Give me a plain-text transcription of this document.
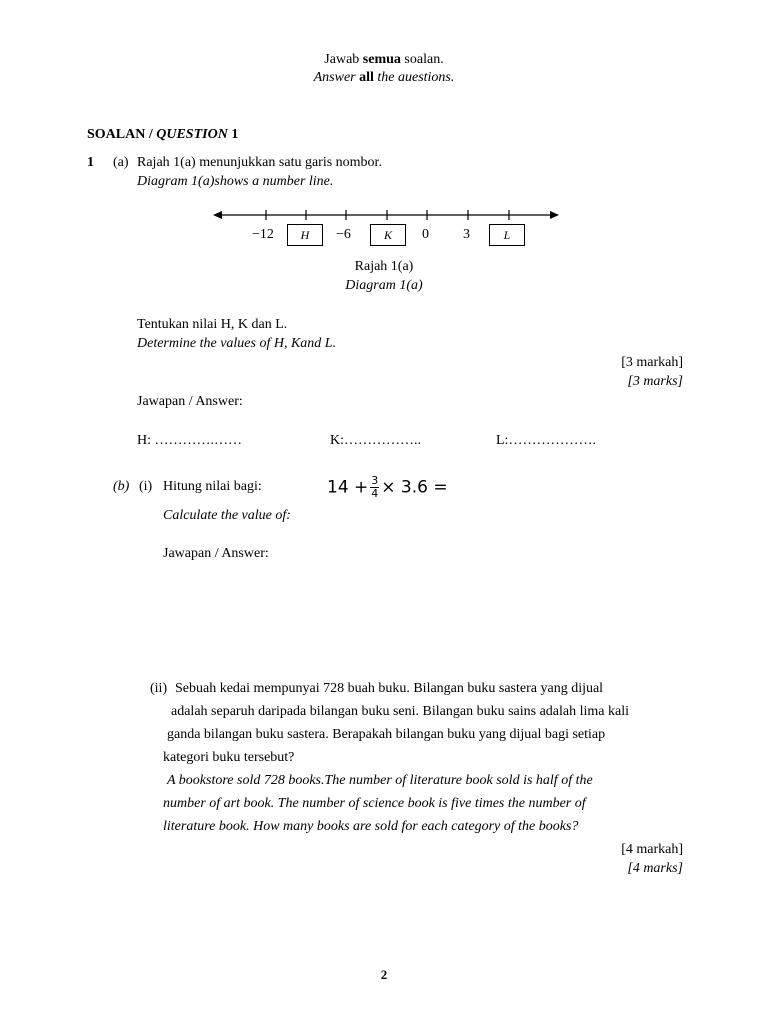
Jawab semua soalan.
Answer all the auestions.
SOALAN / QUESTION 1
1 (a) Rajah 1(a) menunjukkan satu garis nombor.
Diagram 1(a)shows a number line.
−12	H	−6	K	0 3	L
Rajah 1(a)
Diagram 1(a)
Tentukan nilai H, K dan L.
Determine the values of H, Kand L.
[3 markah]
[3 marks]
Jawapan / Answer:
H: ………….……	K:……………..	L:……………….
(b) (i) Hitung nilai bagi:	$14 + \frac{3}{4} \times 3.6$ =
Calculate the value of:
Jawapan / Answer:
(ii) Sebuah kedai mempunyai 728 buah buku. Bilangan buku sastera yang dijual
adalah separuh daripada bilangan buku seni. Bilangan buku sains adalah lima kali
ganda bilangan buku sastera. Berapakah bilangan buku yang dijual bagi setiap
kategori buku tersebut?
A bookstore sold 728 books.The number of literature book sold is half of the
number of art book. The number of science book is five times the number of
literature book. How many books are sold for each category of the books?
[4 markah]
[4 marks]
2
